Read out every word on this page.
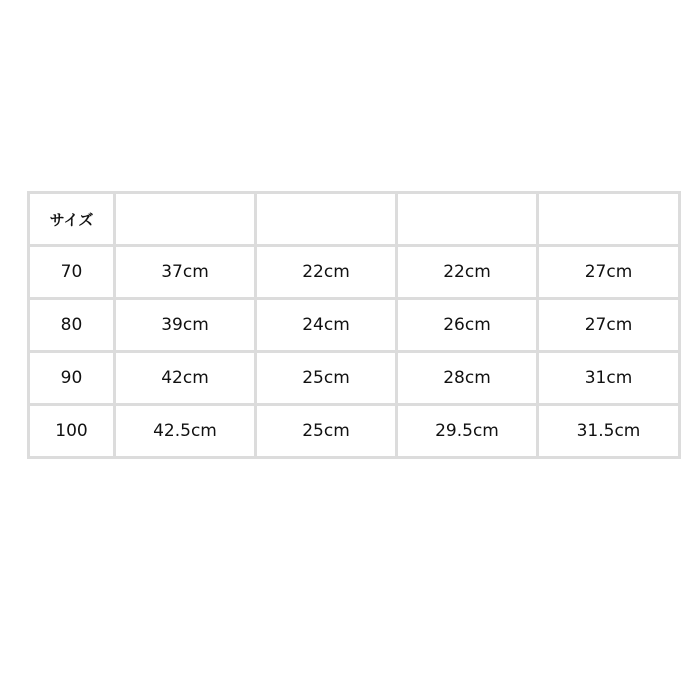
サイズ				
70	37cm	22cm	22cm	27cm
80	39cm	24cm	26cm	27cm
90	42cm	25cm	28cm	31cm
100	42.5cm	25cm	29.5cm	31.5cm
